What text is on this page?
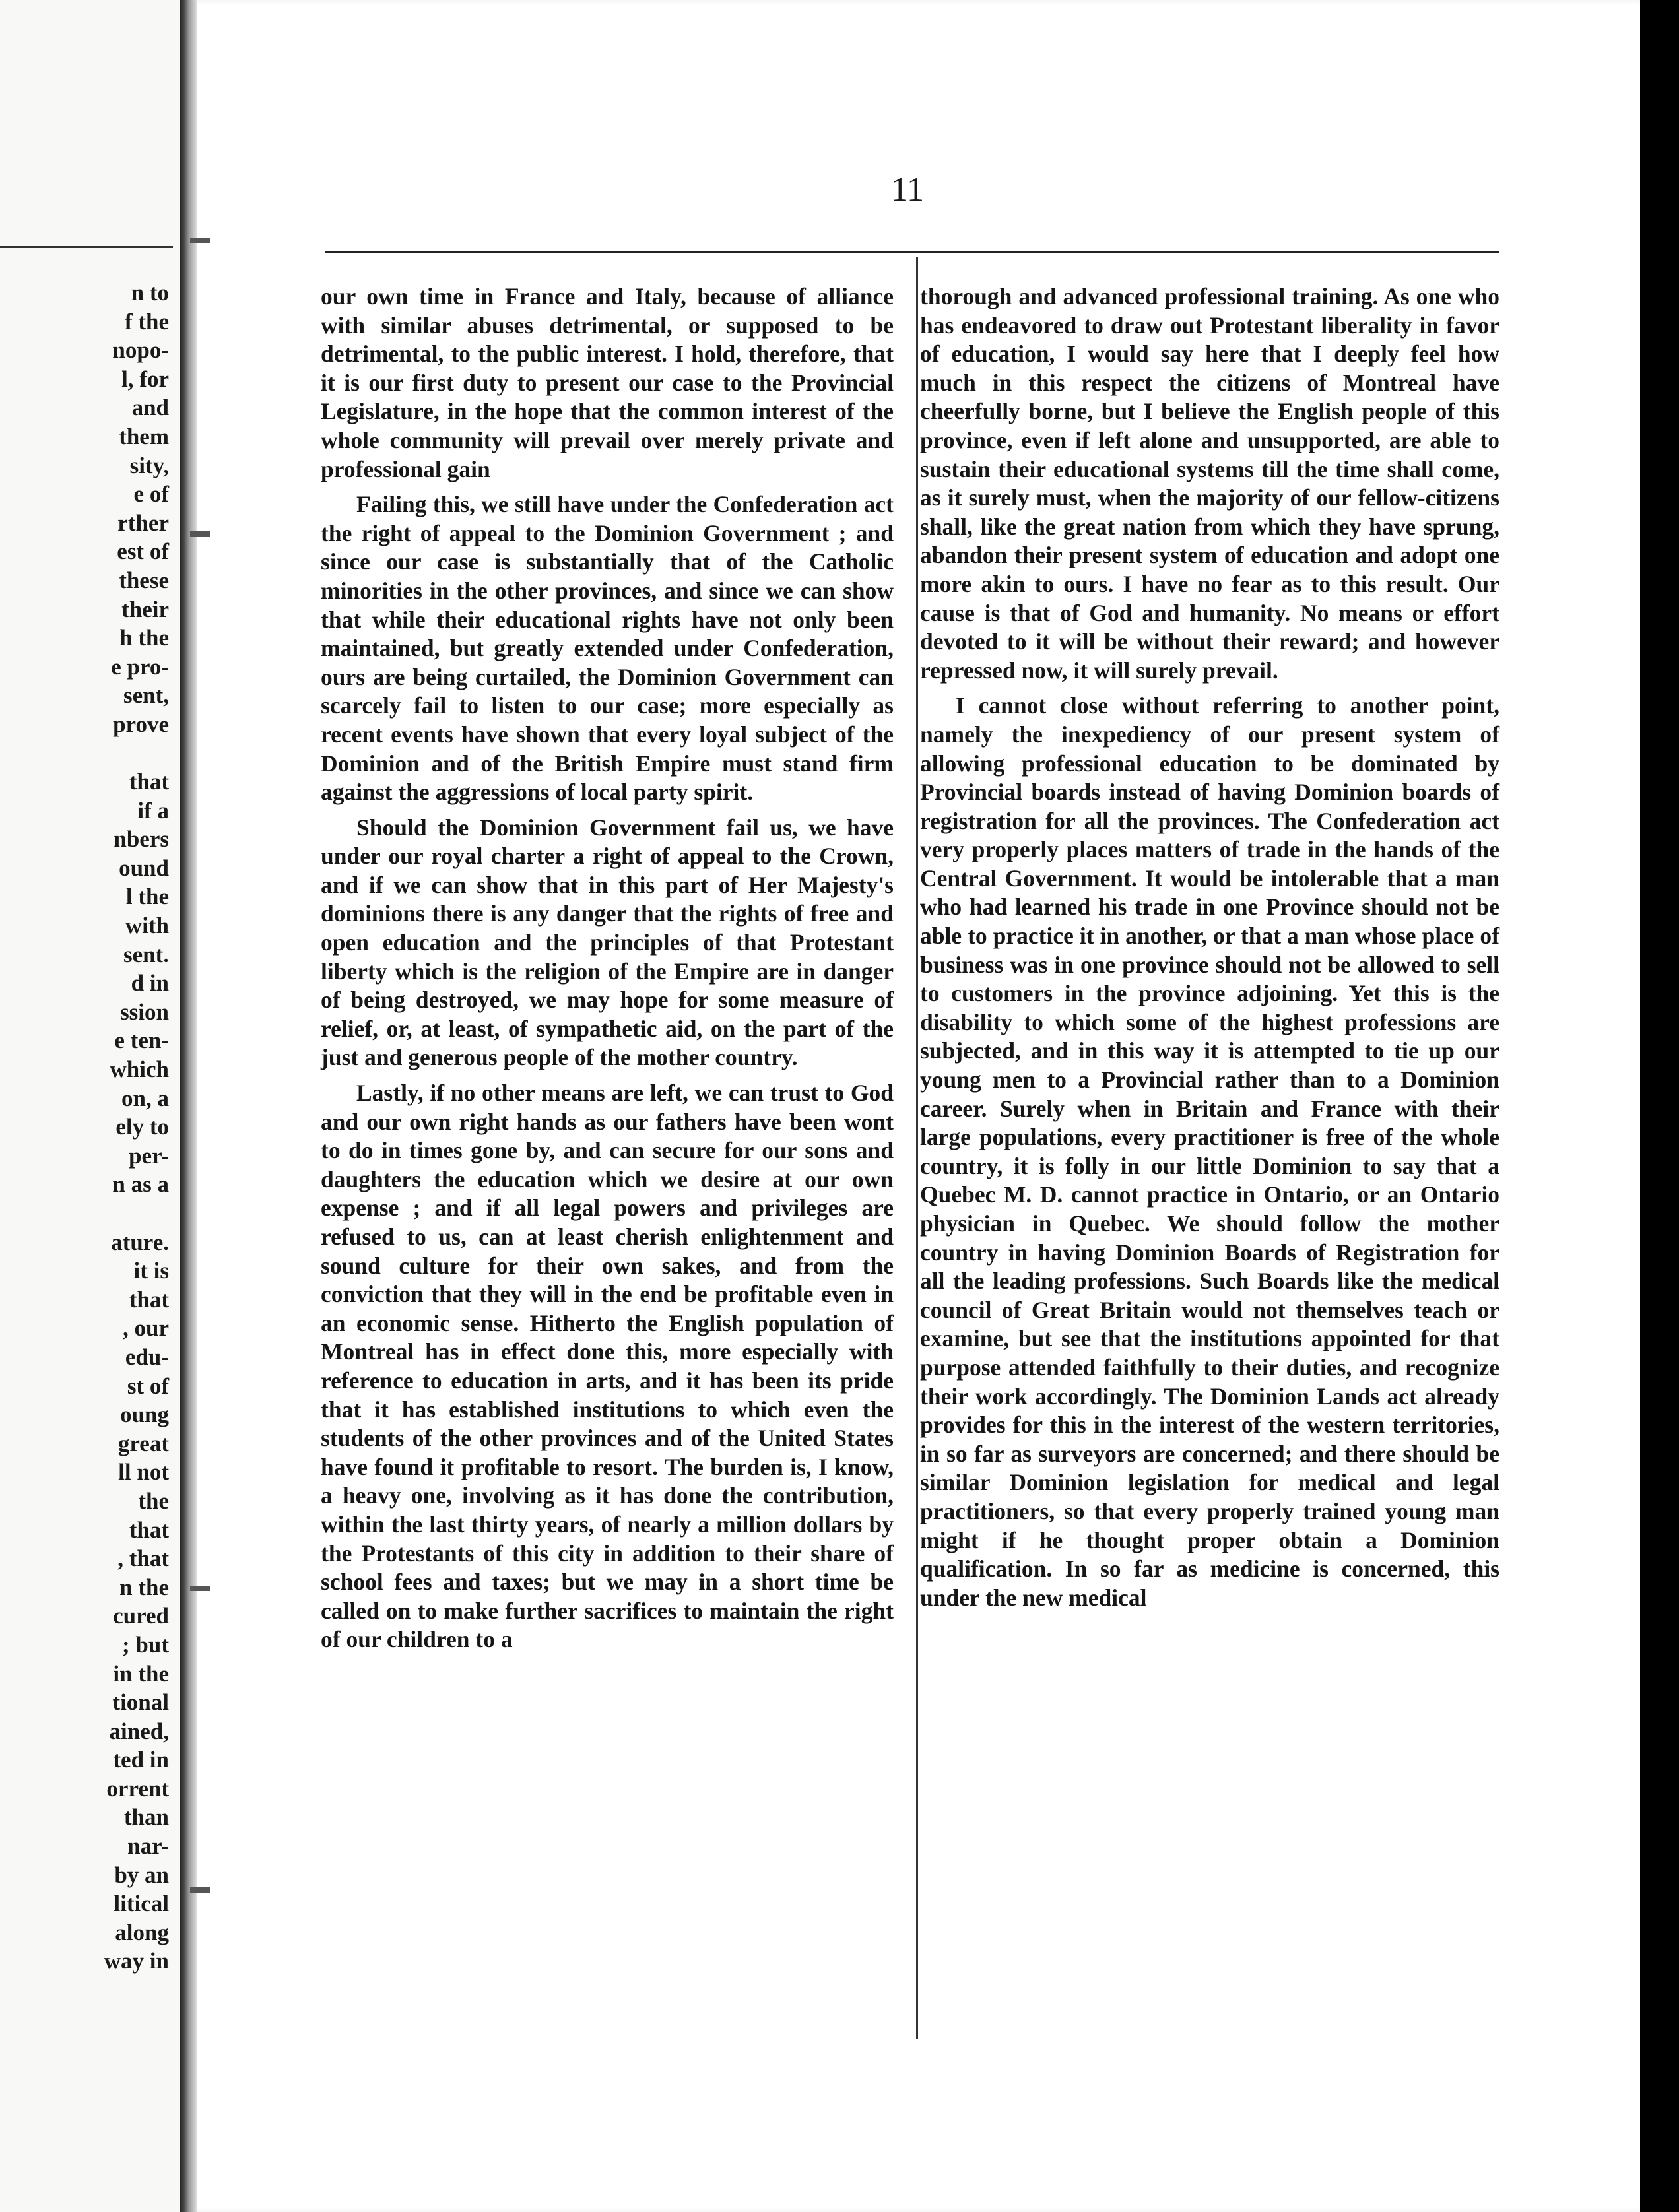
n to
f the
nopo-
l, for
and
them
sity,
e of
rther
est of
these
their
h the
e pro-
sent,
prove

that
if a
nbers
ound
l the
with
sent.
d in
ssion
e ten-
which
on, a
ely to
per-
n as a

ature.
it is
that
, our
edu-
st of
oung
great
ll not
the
that
, that
n the
cured
; but
in the
tional
ained,
ted in
orrent
than
nar-
by an
litical
along
way in
11

our own time in France and Italy, because of alliance with similar abuses detrimental, or supposed to be detrimental, to the public interest. I hold, therefore, that it is our first duty to present our case to the Provincial Legislature, in the hope that the common interest of the whole community will prevail over merely private and professional gain

Failing this, we still have under the Confederation act the right of appeal to the Dominion Government ; and since our case is substantially that of the Catholic minorities in the other provinces, and since we can show that while their educational rights have not only been maintained, but greatly extended under Confederation, ours are being curtailed, the Dominion Government can scarcely fail to listen to our case; more especially as recent events have shown that every loyal subject of the Dominion and of the British Empire must stand firm against the aggressions of local party spirit.

Should the Dominion Government fail us, we have under our royal charter a right of appeal to the Crown, and if we can show that in this part of Her Majesty's dominions there is any danger that the rights of free and open education and the principles of that Protestant liberty which is the religion of the Empire are in danger of being destroyed, we may hope for some measure of relief, or, at least, of sympathetic aid, on the part of the just and generous people of the mother country.

Lastly, if no other means are left, we can trust to God and our own right hands as our fathers have been wont to do in times gone by, and can secure for our sons and daughters the education which we desire at our own expense ; and if all legal powers and privileges are refused to us, can at least cherish enlightenment and sound culture for their own sakes, and from the conviction that they will in the end be profitable even in an economic sense. Hitherto the English population of Montreal has in effect done this, more especially with reference to education in arts, and it has been its pride that it has established institutions to which even the students of the other provinces and of the United States have found it profitable to resort. The burden is, I know, a heavy one, involving as it has done the contribution, within the last thirty years, of nearly a million dollars by the Protestants of this city in addition to their share of school fees and taxes; but we may in a short time be called on to make further sacrifices to maintain the right of our children to a

thorough and advanced professional training. As one who has endeavored to draw out Protestant liberality in favor of education, I would say here that I deeply feel how much in this respect the citizens of Montreal have cheerfully borne, but I believe the English people of this province, even if left alone and unsupported, are able to sustain their educational systems till the time shall come, as it surely must, when the majority of our fellow-citizens shall, like the great nation from which they have sprung, abandon their present system of education and adopt one more akin to ours. I have no fear as to this result. Our cause is that of God and humanity. No means or effort devoted to it will be without their reward; and however repressed now, it will surely prevail.

I cannot close without referring to another point, namely the inexpediency of our present system of allowing professional education to be dominated by Provincial boards instead of having Dominion boards of registration for all the provinces. The Confederation act very properly places matters of trade in the hands of the Central Government. It would be intolerable that a man who had learned his trade in one Province should not be able to practice it in another, or that a man whose place of business was in one province should not be allowed to sell to customers in the province adjoining. Yet this is the disability to which some of the highest professions are subjected, and in this way it is attempted to tie up our young men to a Provincial rather than to a Dominion career. Surely when in Britain and France with their large populations, every practitioner is free of the whole country, it is folly in our little Dominion to say that a Quebec M. D. cannot practice in Ontario, or an Ontario physician in Quebec. We should follow the mother country in having Dominion Boards of Registration for all the leading professions. Such Boards like the medical council of Great Britain would not themselves teach or examine, but see that the institutions appointed for that purpose attended faithfully to their duties, and recognize their work accordingly. The Dominion Lands act already provides for this in the interest of the western territories, in so far as surveyors are concerned; and there should be similar Dominion legislation for medical and legal practitioners, so that every properly trained young man might if he thought proper obtain a Dominion qualification. In so far as medicine is concerned, this under the new medical
